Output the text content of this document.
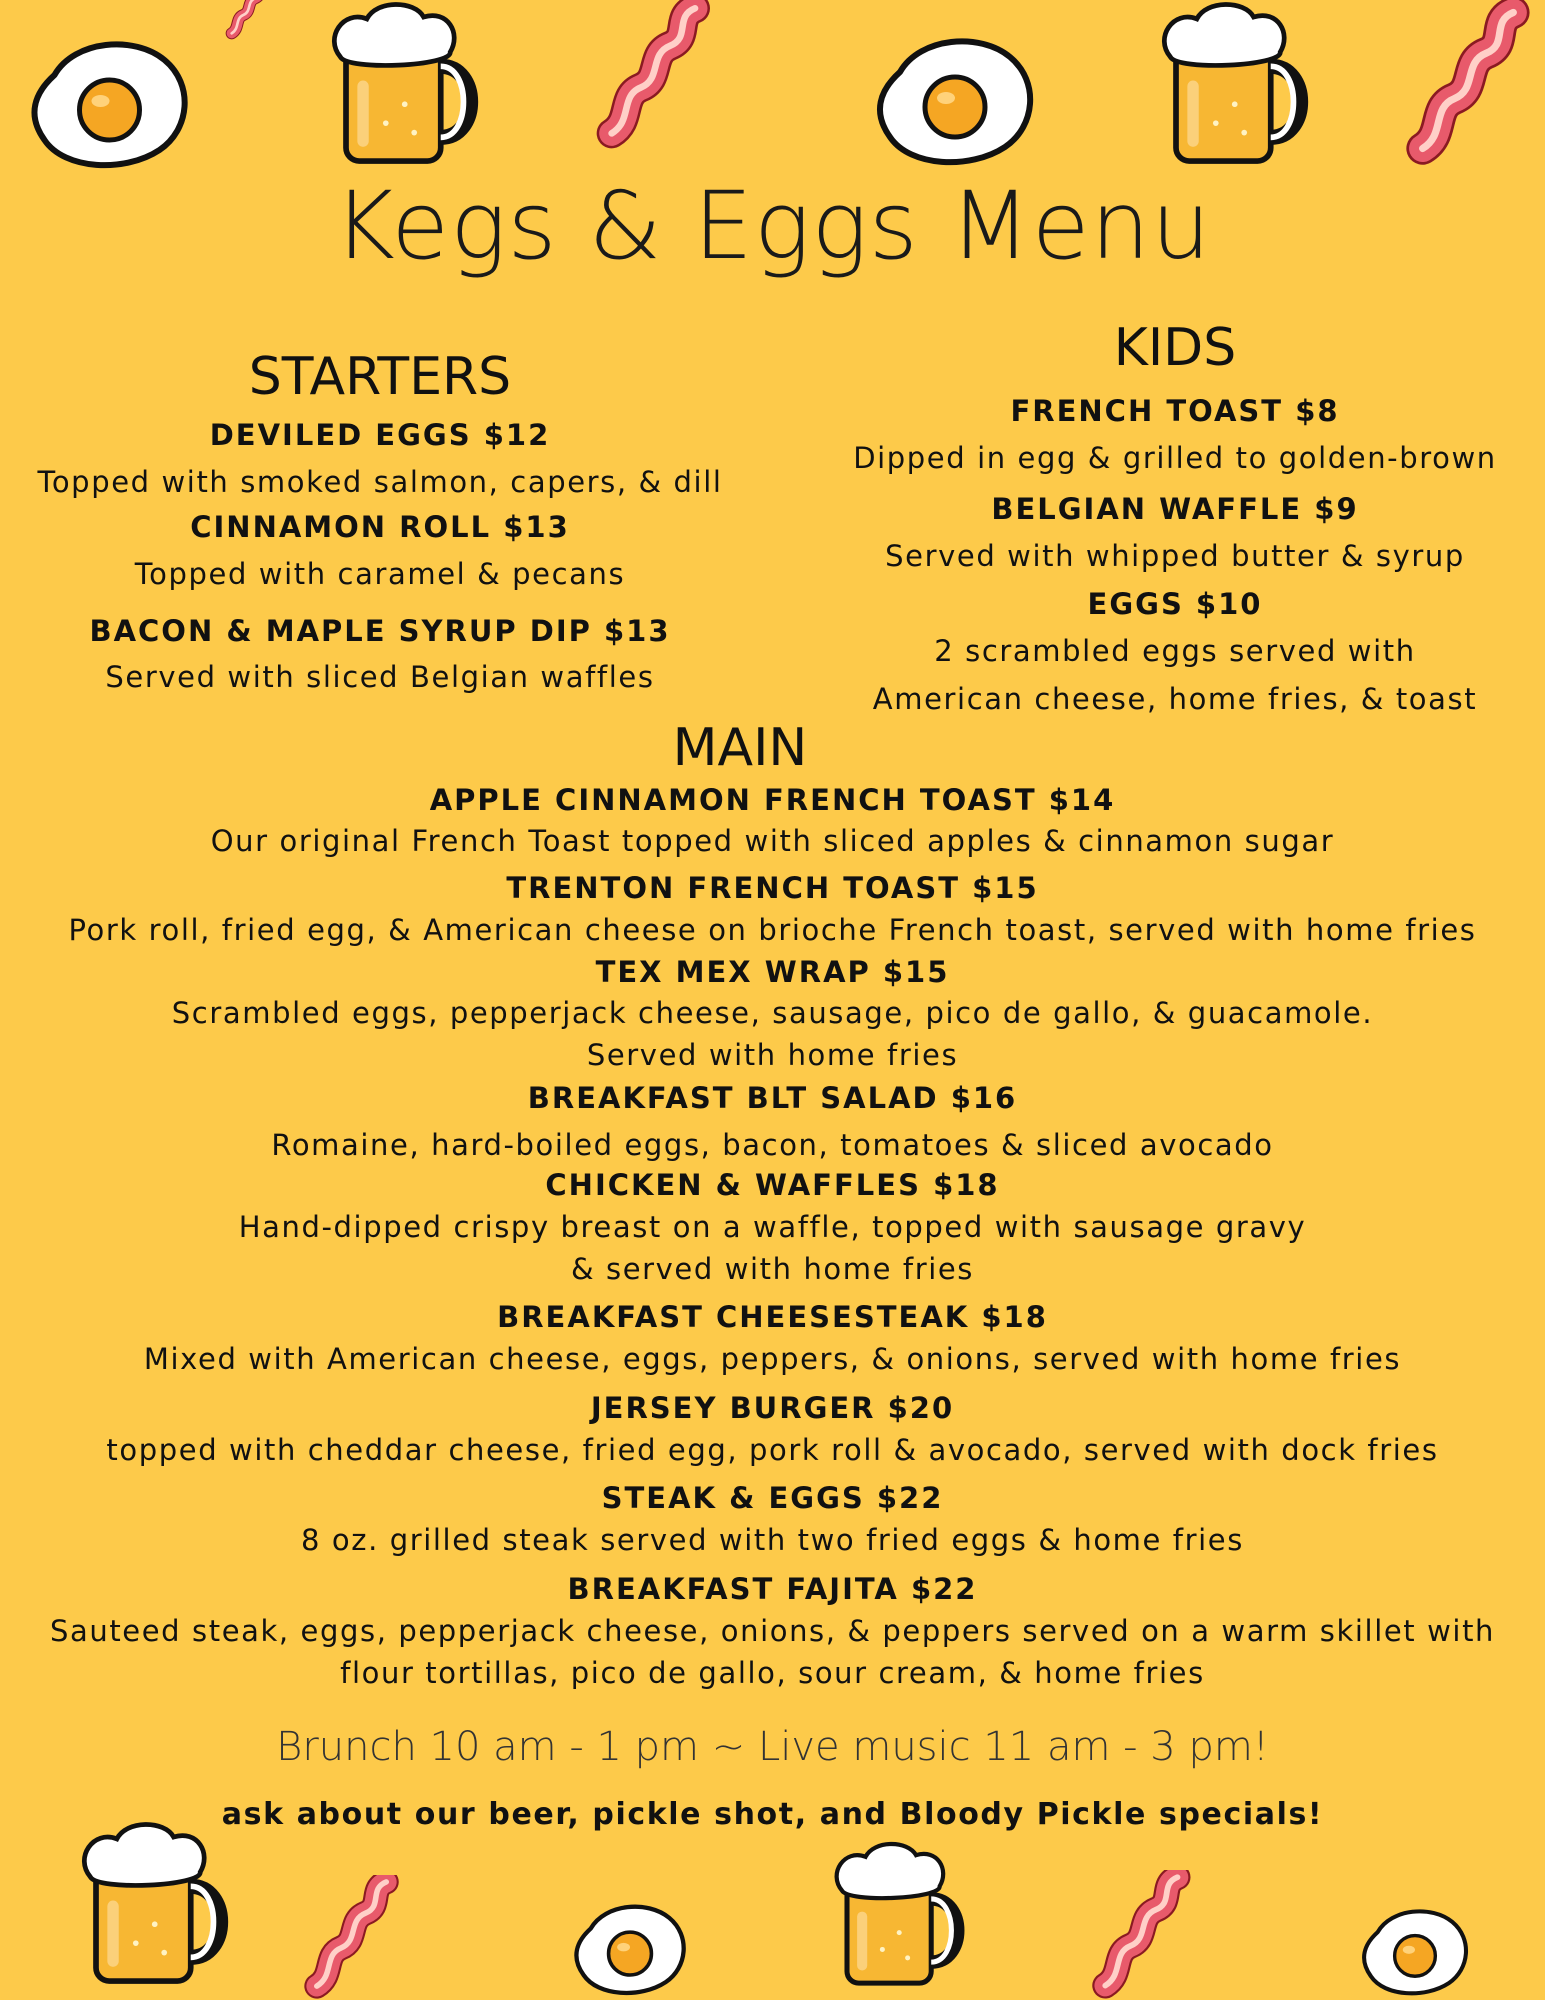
Kegs & Eggs Menu
STARTERS
DEVILED EGGS $12
Topped with smoked salmon, capers, & dill
CINNAMON ROLL $13
Topped with caramel & pecans
BACON & MAPLE SYRUP DIP $13
Served with sliced Belgian waffles
KIDS
FRENCH TOAST $8
Dipped in egg & grilled to golden-brown
BELGIAN WAFFLE $9
Served with whipped butter & syrup
EGGS $10
2 scrambled eggs served with
American cheese, home fries, & toast
MAIN
APPLE CINNAMON FRENCH TOAST $14
Our original French Toast topped with sliced apples & cinnamon sugar
TRENTON FRENCH TOAST $15
Pork roll, fried egg, & American cheese on brioche French toast, served with home fries
TEX MEX WRAP $15
Scrambled eggs, pepperjack cheese, sausage, pico de gallo, & guacamole.
Served with home fries
BREAKFAST BLT SALAD $16
Romaine, hard-boiled eggs, bacon, tomatoes & sliced avocado
CHICKEN & WAFFLES $18
Hand-dipped crispy breast on a waffle, topped with sausage gravy
& served with home fries
BREAKFAST CHEESESTEAK $18
Mixed with American cheese, eggs, peppers, & onions, served with home fries
JERSEY BURGER $20
topped with cheddar cheese, fried egg, pork roll & avocado, served with dock fries
STEAK & EGGS $22
8 oz. grilled steak served with two fried eggs & home fries
BREAKFAST FAJITA $22
Sauteed steak, eggs, pepperjack cheese, onions, & peppers served on a warm skillet with
flour tortillas, pico de gallo, sour cream, & home fries
Brunch 10 am - 1 pm ~ Live music 11 am - 3 pm!
ask about our beer, pickle shot, and Bloody Pickle specials!
